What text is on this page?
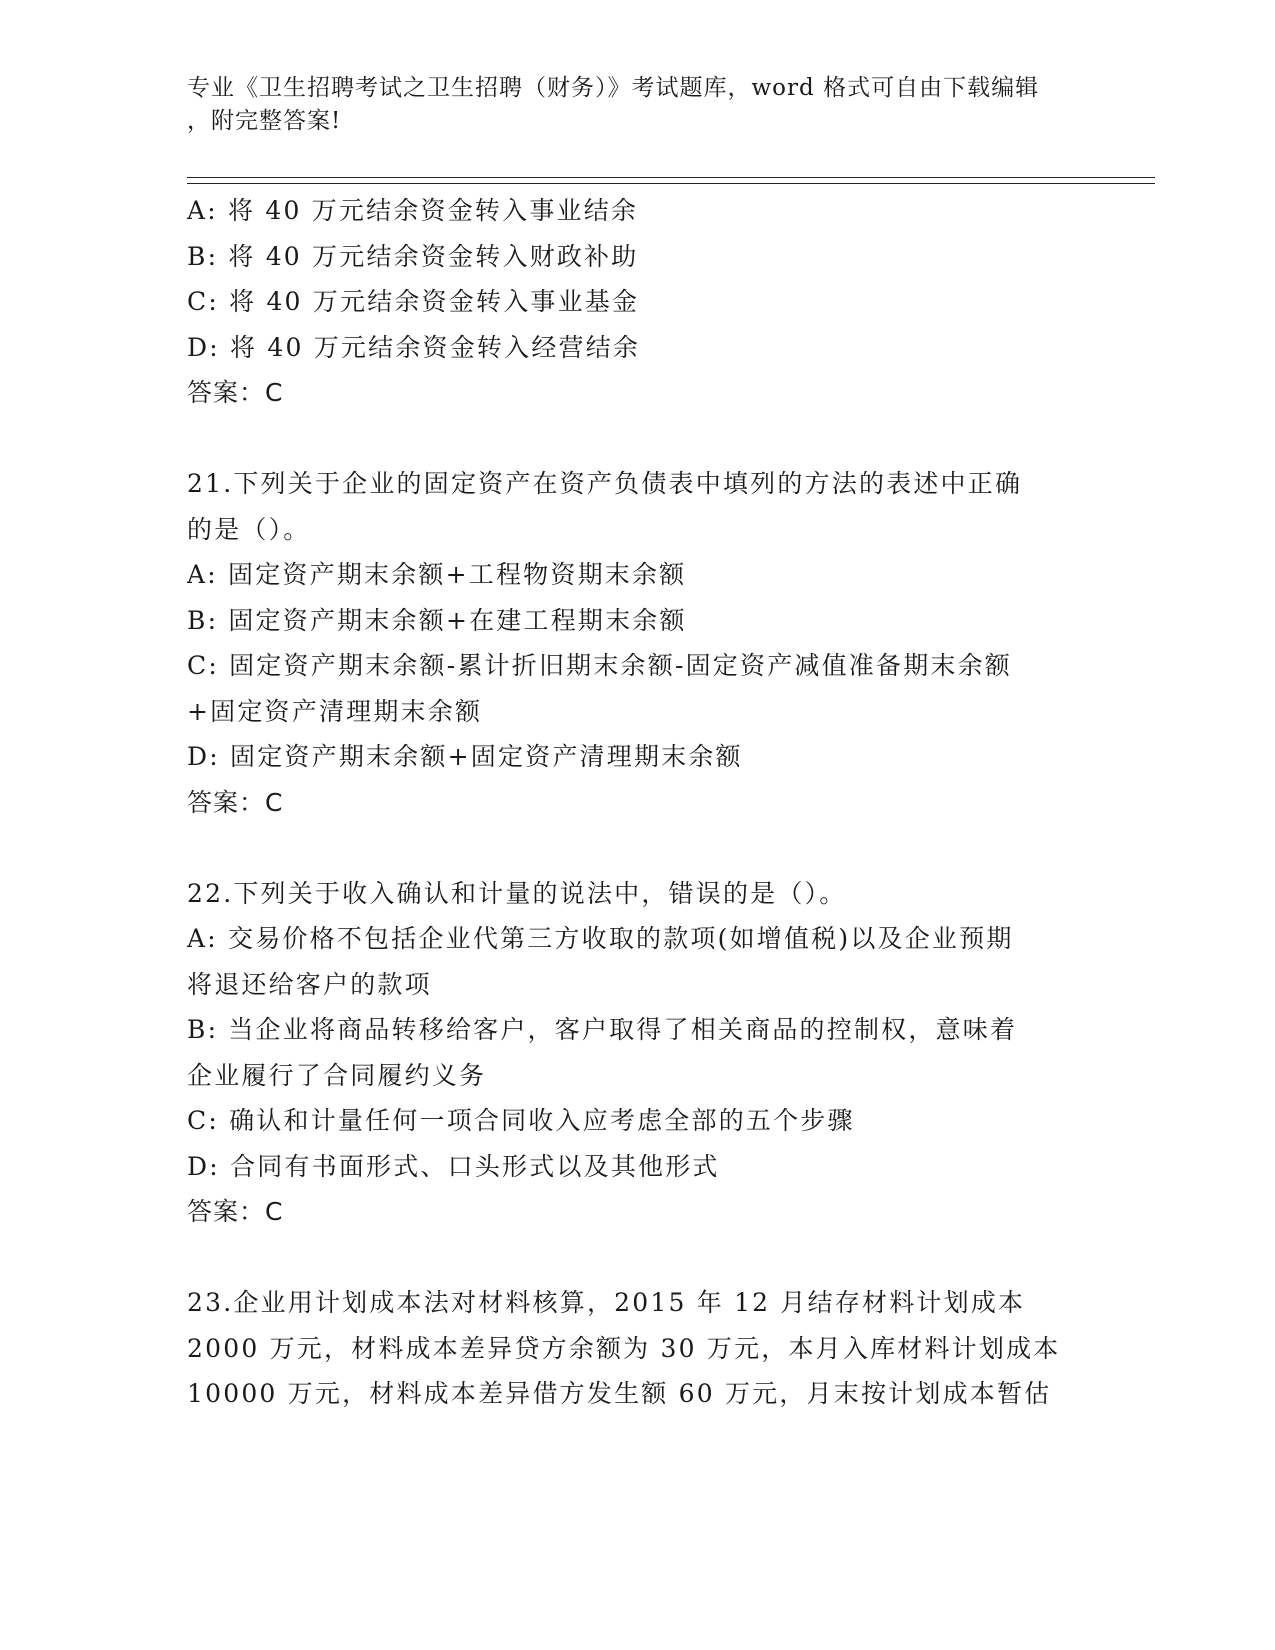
专业《卫生招聘考试之卫生招聘（财务）》考试题库，word 格式可自由下载编辑
，附完整答案!
A: 将 40 万元结余资金转入事业结余
B: 将 40 万元结余资金转入财政补助
C: 将 40 万元结余资金转入事业基金
D: 将 40 万元结余资金转入经营结余
答案：C
21.下列关于企业的固定资产在资产负债表中填列的方法的表述中正确
的是（）。
A: 固定资产期末余额+工程物资期末余额
B: 固定资产期末余额+在建工程期末余额
C: 固定资产期末余额-累计折旧期末余额-固定资产减值准备期末余额
+固定资产清理期末余额
D: 固定资产期末余额+固定资产清理期末余额
答案：C
22.下列关于收入确认和计量的说法中，错误的是（）。
A: 交易价格不包括企业代第三方收取的款项(如增值税)以及企业预期
将退还给客户的款项
B: 当企业将商品转移给客户，客户取得了相关商品的控制权，意味着
企业履行了合同履约义务
C: 确认和计量任何一项合同收入应考虑全部的五个步骤
D: 合同有书面形式、口头形式以及其他形式
答案：C
23.企业用计划成本法对材料核算，2015 年 12 月结存材料计划成本
2000 万元，材料成本差异贷方余额为 30 万元，本月入库材料计划成本
10000 万元，材料成本差异借方发生额 60 万元，月末按计划成本暂估
